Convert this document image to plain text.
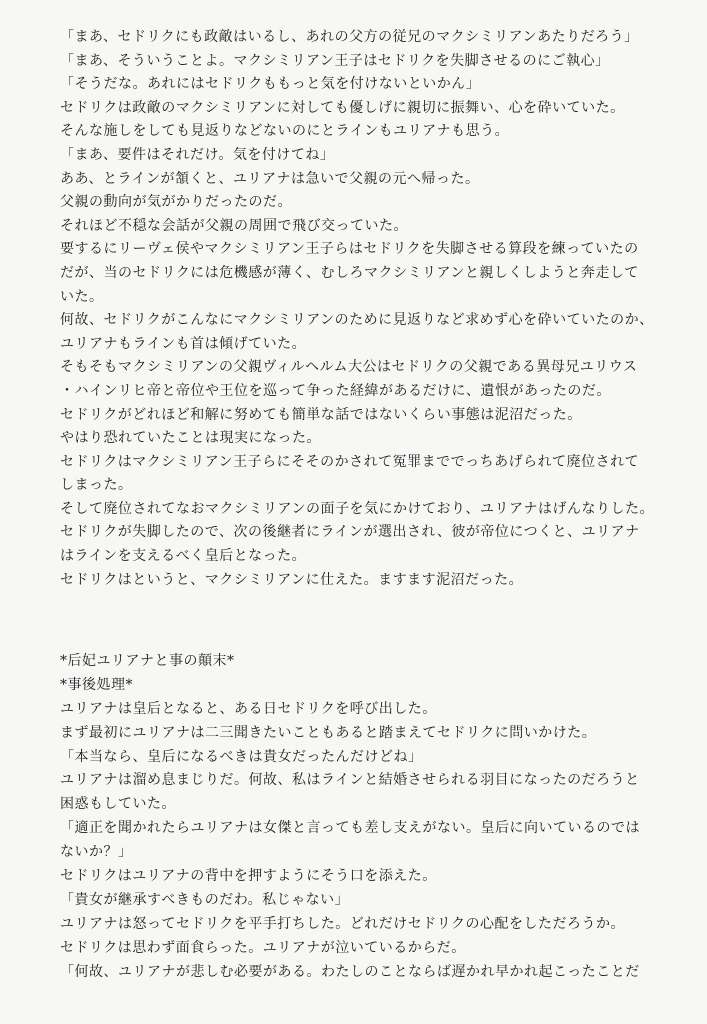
「まあ、セドリクにも政敵はいるし、あれの父方の従兄のマクシミリアンあたりだろう」
「まあ、そういうことよ。マクシミリアン王子はセドリクを失脚させるのにご執心」
「そうだな。あれにはセドリクももっと気を付けないといかん」
セドリクは政敵のマクシミリアンに対しても優しげに親切に振舞い、心を砕いていた。
そんな施しをしても見返りなどないのにとラインもユリアナも思う。
「まあ、要件はそれだけ。気を付けてね」
ああ、とラインが頷くと、ユリアナは急いで父親の元へ帰った。
父親の動向が気がかりだったのだ。
それほど不穏な会話が父親の周囲で飛び交っていた。
要するにリーヴェ侯やマクシミリアン王子らはセドリクを失脚させる算段を練っていたの
だが、当のセドリクには危機感が薄く、むしろマクシミリアンと親しくしようと奔走して
いた。
何故、セドリクがこんなにマクシミリアンのために見返りなど求めず心を砕いていたのか、
ユリアナもラインも首は傾げていた。
そもそもマクシミリアンの父親ヴィルヘルム大公はセドリクの父親である異母兄ユリウス
・ハインリヒ帝と帝位や王位を巡って争った経緯があるだけに、遺恨があったのだ。
セドリクがどれほど和解に努めても簡単な話ではないくらい事態は泥沼だった。
やはり恐れていたことは現実になった。
セドリクはマクシミリアン王子らにそそのかされて冤罪まででっちあげられて廃位されて
しまった。
そして廃位されてなおマクシミリアンの面子を気にかけており、ユリアナはげんなりした。
セドリクが失脚したので、次の後継者にラインが選出され、彼が帝位につくと、ユリアナ
はラインを支えるべく皇后となった。
セドリクはというと、マクシミリアンに仕えた。ますます泥沼だった。
*后妃ユリアナと事の顛末*
*事後処理*
ユリアナは皇后となると、ある日セドリクを呼び出した。
まず最初にユリアナは二三聞きたいこともあると踏まえてセドリクに問いかけた。
「本当なら、皇后になるべきは貴女だったんだけどね」
ユリアナは溜め息まじりだ。何故、私はラインと結婚させられる羽目になったのだろうと
困惑もしていた。
「適正を聞かれたらユリアナは女傑と言っても差し支えがない。皇后に向いているのでは
ないか？」
セドリクはユリアナの背中を押すようにそう口を添えた。
「貴女が継承すべきものだわ。私じゃない」
ユリアナは怒ってセドリクを平手打ちした。どれだけセドリクの心配をしただろうか。
セドリクは思わず面食らった。ユリアナが泣いているからだ。
「何故、ユリアナが悲しむ必要がある。わたしのことならば遅かれ早かれ起こったことだ
